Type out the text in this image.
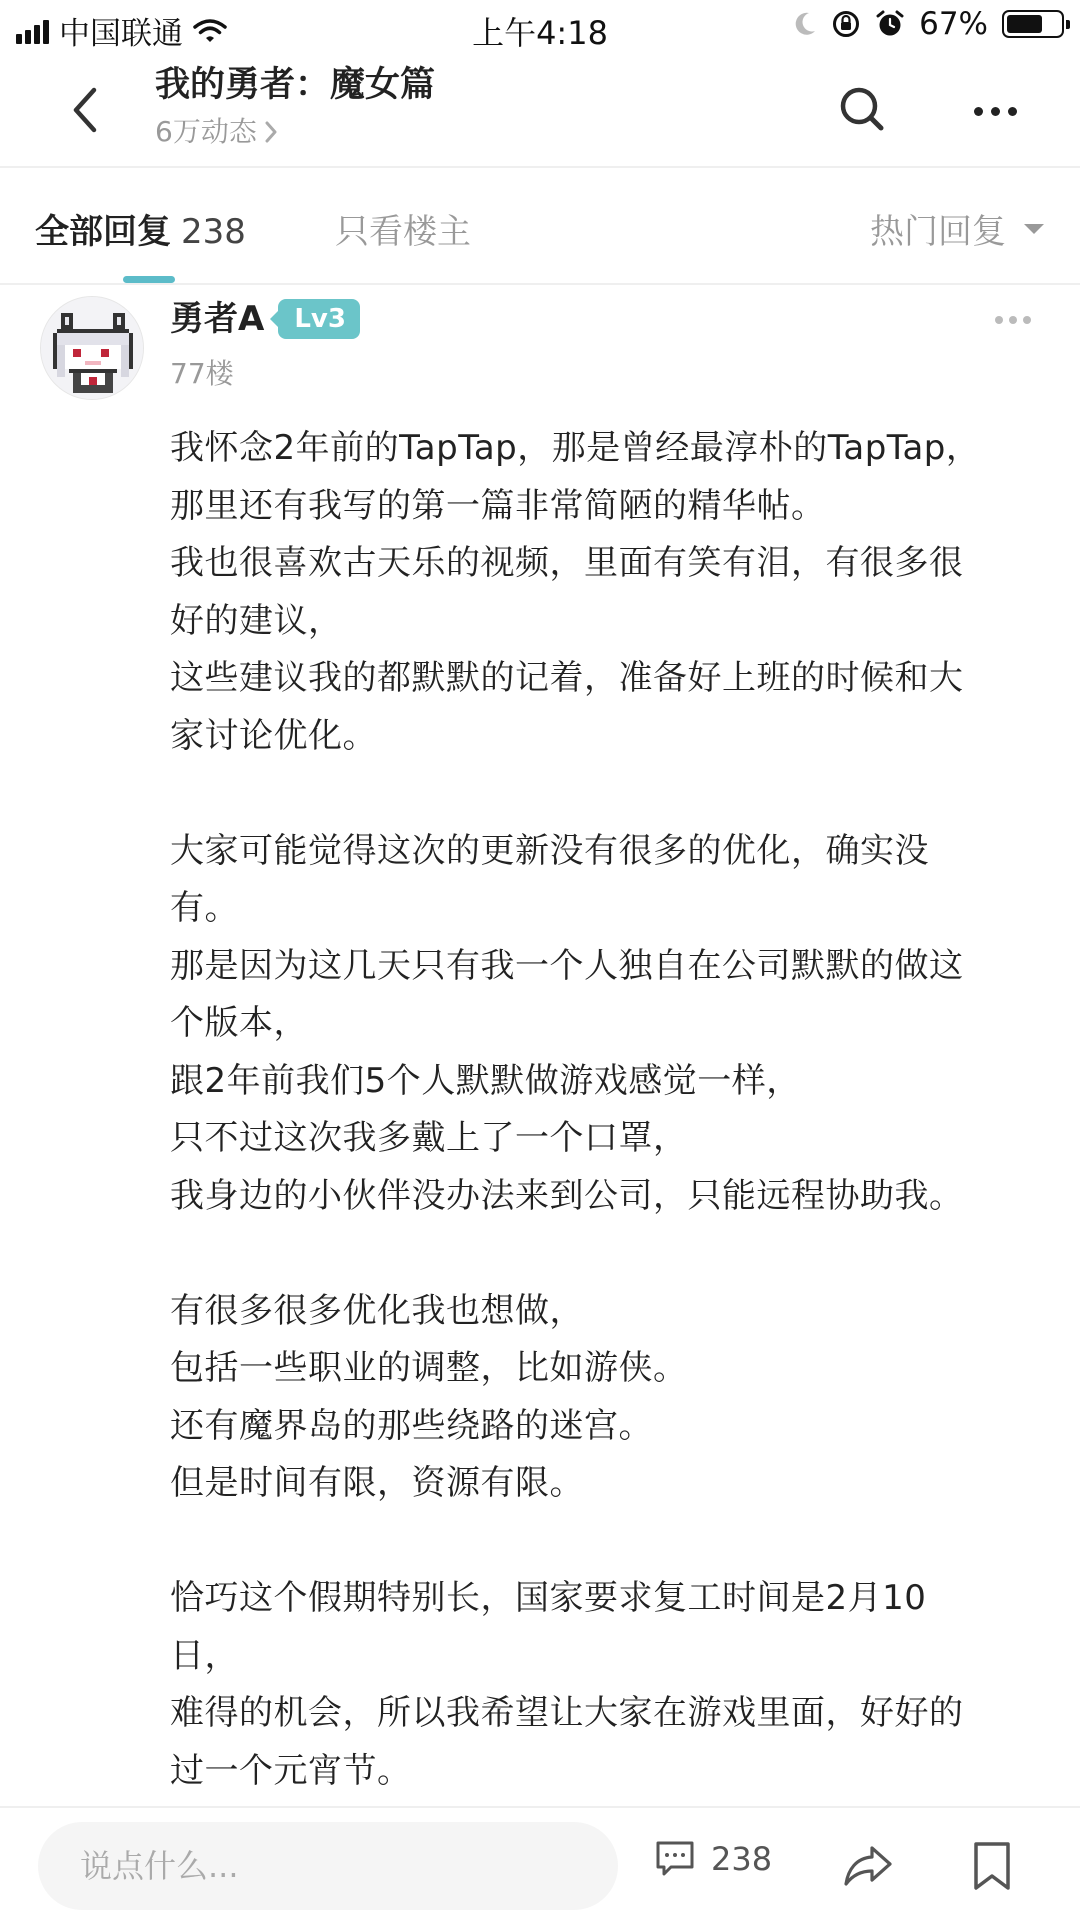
中国联通	上午4:18	67%
我的勇者：魔女篇
6万动态
全部回复 238	只看楼主	热门回复
勇者A	Lv3
77楼

我怀念2年前的TapTap，那是曾经最淳朴的TapTap，

那里还有我写的第一篇非常简陋的精华帖。

我也很喜欢古天乐的视频，里面有笑有泪，有很多很

好的建议，

这些建议我的都默默的记着，准备好上班的时候和大

家讨论优化。

大家可能觉得这次的更新没有很多的优化，确实没

有。

那是因为这几天只有我一个人独自在公司默默的做这

个版本，

跟2年前我们5个人默默做游戏感觉一样，

只不过这次我多戴上了一个口罩，

我身边的小伙伴没办法来到公司，只能远程协助我。

有很多很多优化我也想做，

包括一些职业的调整，比如游侠。

还有魔界岛的那些绕路的迷宫。

但是时间有限，资源有限。

恰巧这个假期特别长，国家要求复工时间是2月10

日，

难得的机会，所以我希望让大家在游戏里面，好好的

过一个元宵节。

说点什么...
238
